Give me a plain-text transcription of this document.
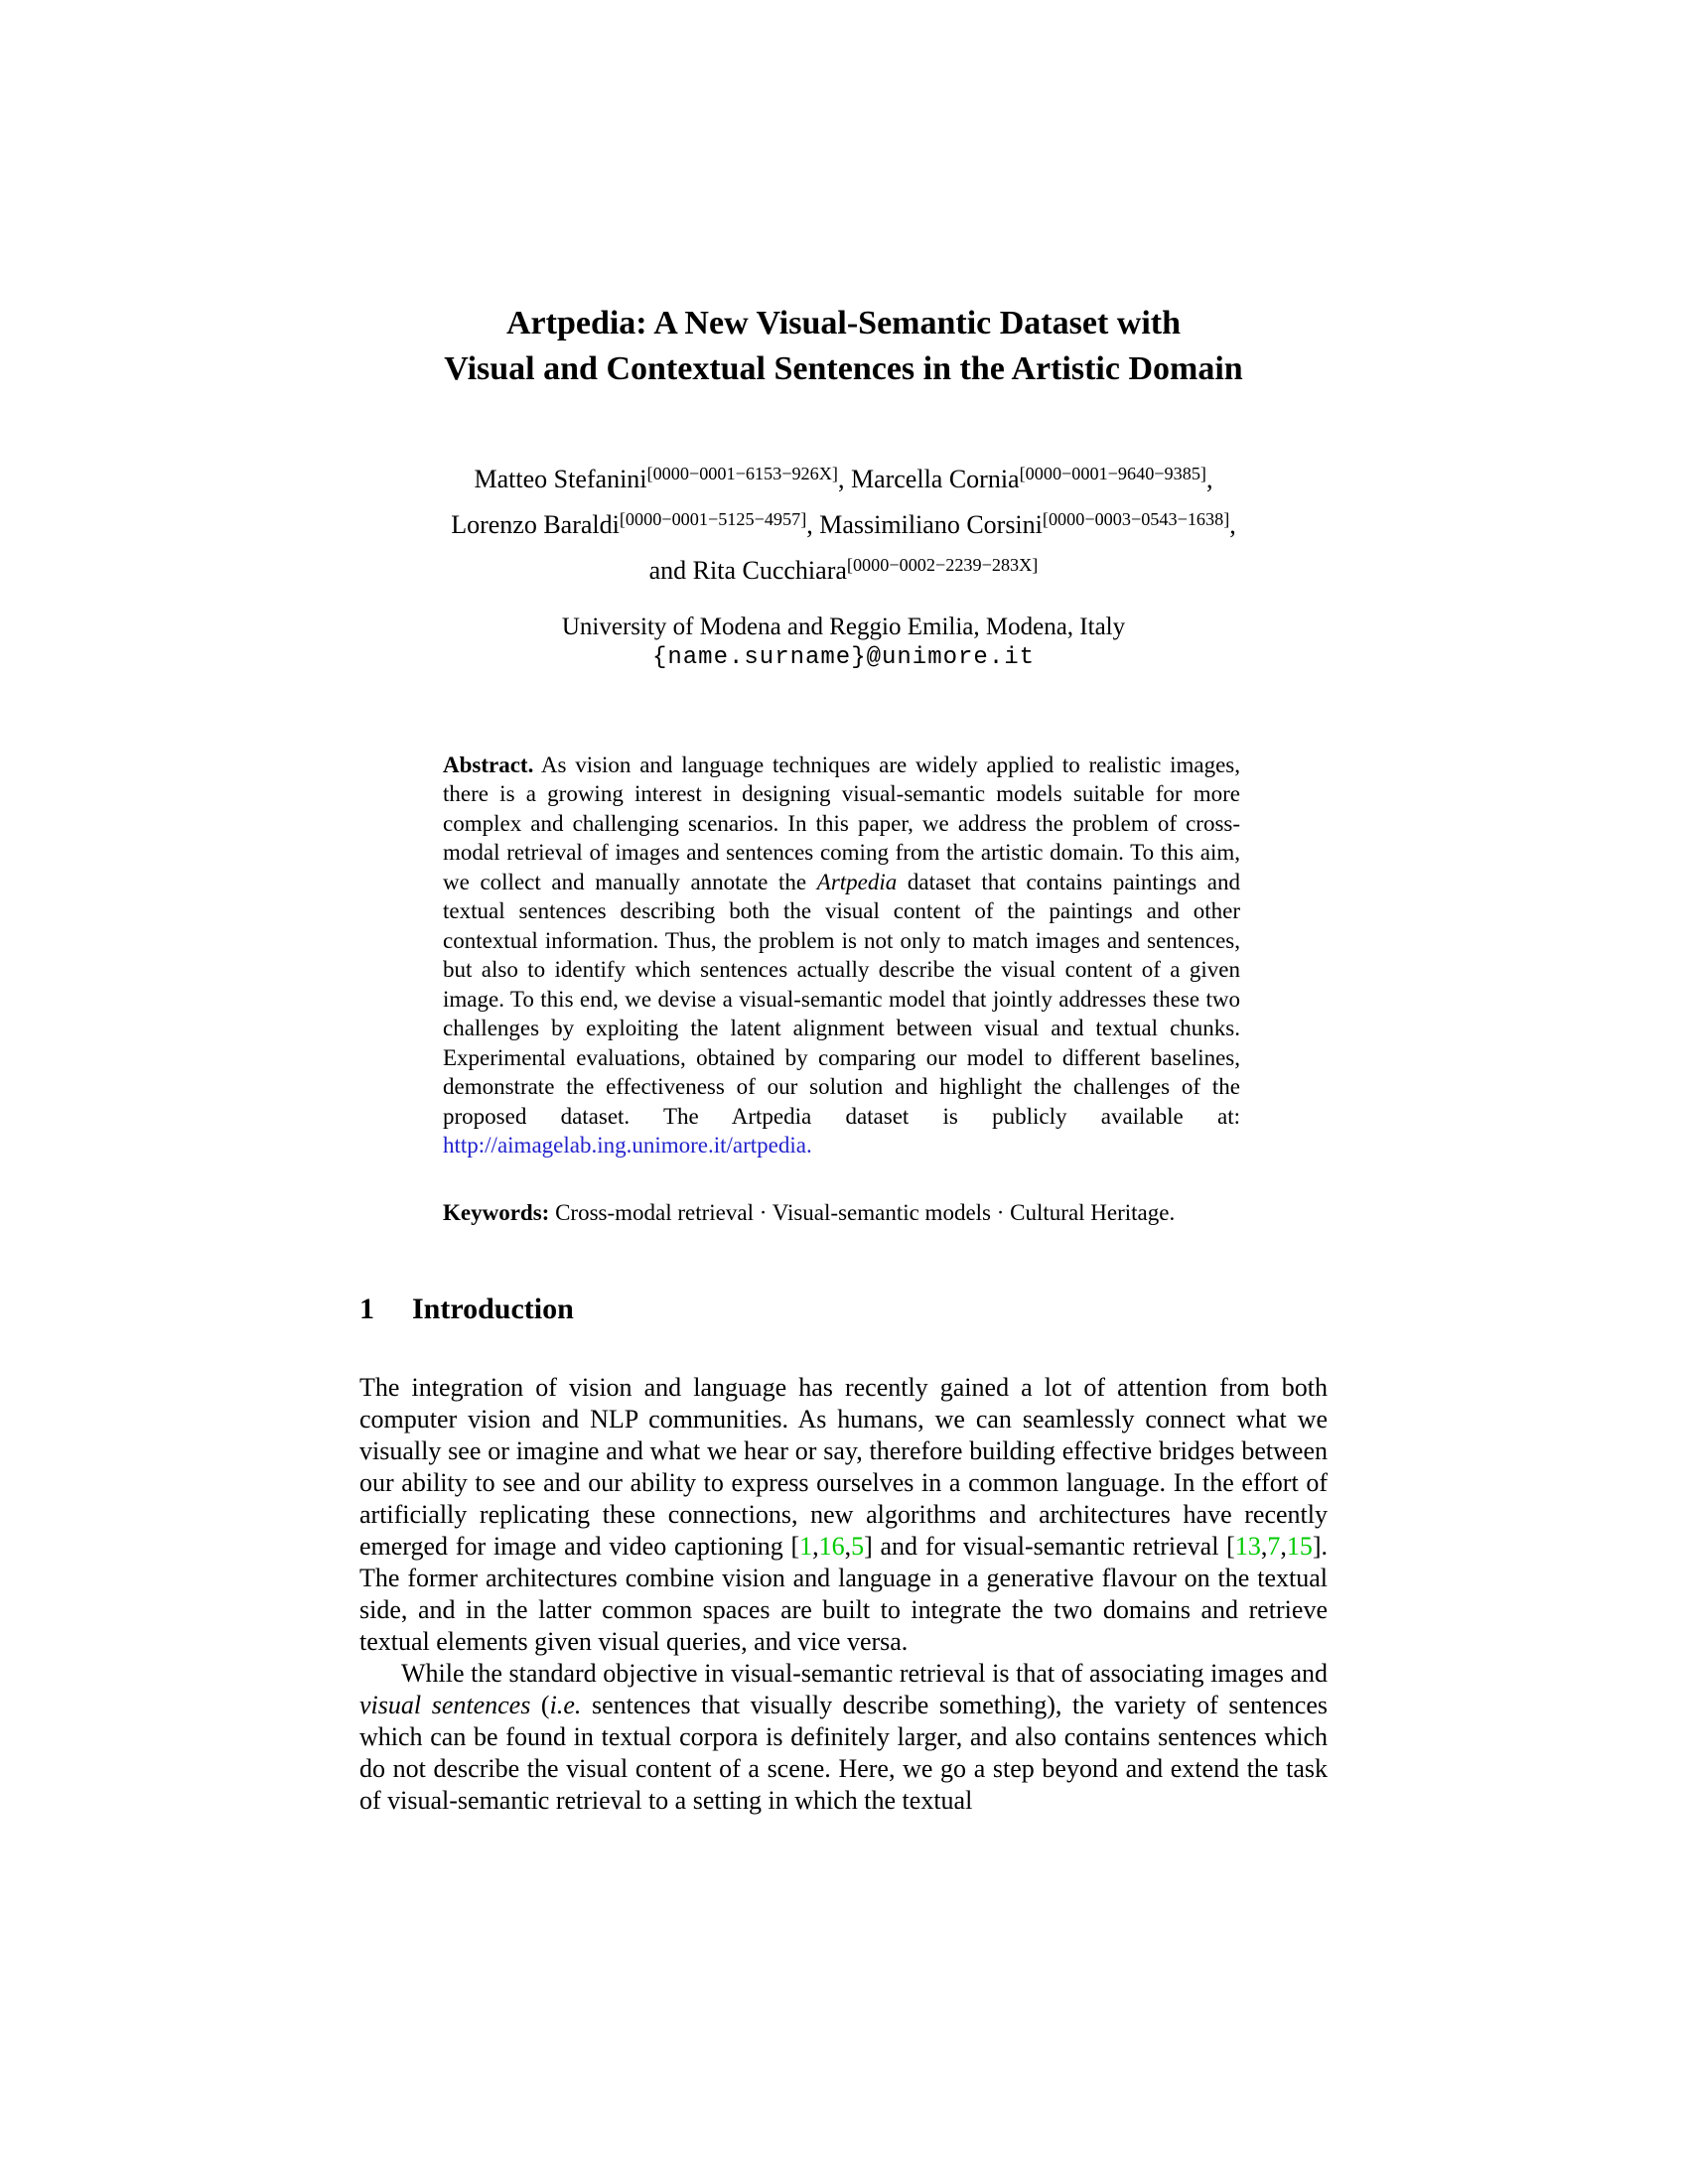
Artpedia: A New Visual-Semantic Dataset with
Visual and Contextual Sentences in the Artistic Domain
Matteo Stefanini[0000−0001−6153−926X], Marcella Cornia[0000−0001−9640−9385],
Lorenzo Baraldi[0000−0001−5125−4957], Massimiliano Corsini[0000−0003−0543−1638],
and Rita Cucchiara[0000−0002−2239−283X]
University of Modena and Reggio Emilia, Modena, Italy
{name.surname}@unimore.it

Abstract. As vision and language techniques are widely applied to realistic images, there is a growing interest in designing visual-semantic models suitable for more complex and challenging scenarios. In this paper, we address the problem of cross-modal retrieval of images and sentences coming from the artistic domain. To this aim, we collect and manually annotate the Artpedia dataset that contains paintings and textual sentences describing both the visual content of the paintings and other contextual information. Thus, the problem is not only to match images and sentences, but also to identify which sentences actually describe the visual content of a given image. To this end, we devise a visual-semantic model that jointly addresses these two challenges by exploiting the latent alignment between visual and textual chunks. Experimental evaluations, obtained by comparing our model to different baselines, demonstrate the effectiveness of our solution and highlight the challenges of the proposed dataset. The Artpedia dataset is publicly available at: http://aimagelab.ing.unimore.it/artpedia.

Keywords: Cross-modal retrieval · Visual-semantic models · Cultural Heritage.

1 Introduction

The integration of vision and language has recently gained a lot of attention from both computer vision and NLP communities. As humans, we can seamlessly connect what we visually see or imagine and what we hear or say, therefore building effective bridges between our ability to see and our ability to express ourselves in a common language. In the effort of artificially replicating these connections, new algorithms and architectures have recently emerged for image and video captioning [1,16,5] and for visual-semantic retrieval [13,7,15]. The former architectures combine vision and language in a generative flavour on the textual side, and in the latter common spaces are built to integrate the two domains and retrieve textual elements given visual queries, and vice versa.

While the standard objective in visual-semantic retrieval is that of associating images and visual sentences (i.e. sentences that visually describe something), the variety of sentences which can be found in textual corpora is definitely larger, and also contains sentences which do not describe the visual content of a scene. Here, we go a step beyond and extend the task of visual-semantic retrieval to a setting in which the textual
